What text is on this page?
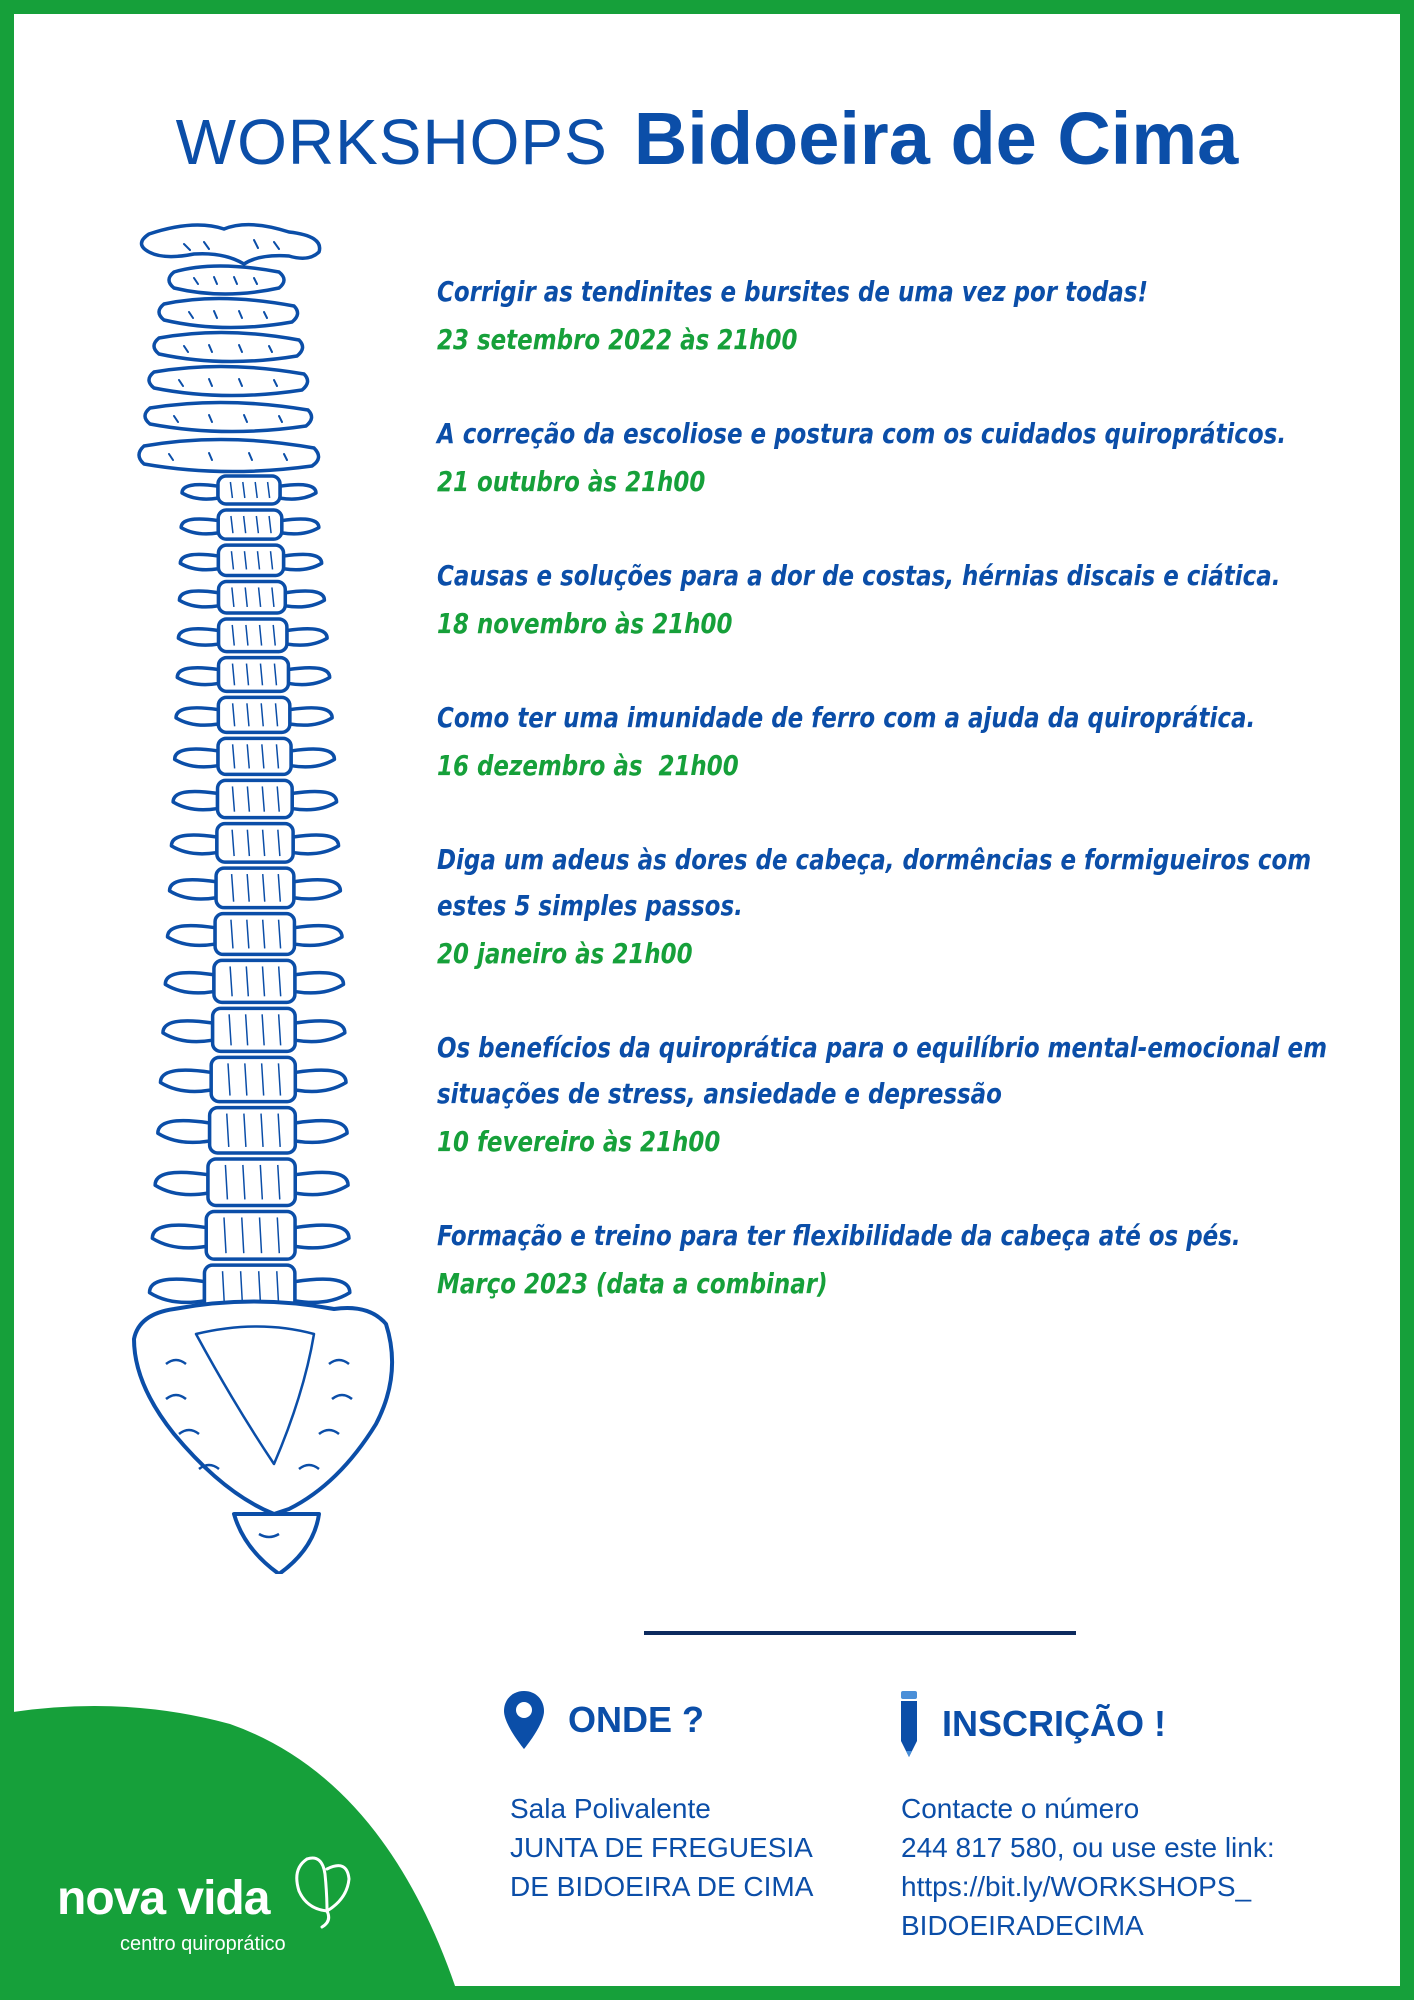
WORKSHOPS Bidoeira de Cima
Corrigir as tendinites e bursites de uma vez por todas!
23 setembro 2022 às 21h00
A correção da escoliose e postura com os cuidados quiropráticos.
21 outubro às 21h00
Causas e soluções para a dor de costas, hérnias discais e ciática.
18 novembro às 21h00
Como ter uma imunidade de ferro com a ajuda da quiroprática.
16 dezembro às  21h00
Diga um adeus às dores de cabeça, dormências e formigueiros com estes 5 simples passos.
20 janeiro às 21h00
Os benefícios da quiroprática para o equilíbrio mental-emocional em situações de stress, ansiedade e depressão
10 fevereiro às 21h00
Formação e treino para ter flexibilidade da cabeça até os pés.
Março 2023 (data a combinar)
nova vida
centro quiroprático
ONDE ?	INSCRIÇÃO !
Sala Polivalente
JUNTA DE FREGUESIA
DE BIDOEIRA DE CIMA
Contacte o número
244 817 580, ou use este link:
https://bit.ly/WORKSHOPS_
BIDOEIRADECIMA
